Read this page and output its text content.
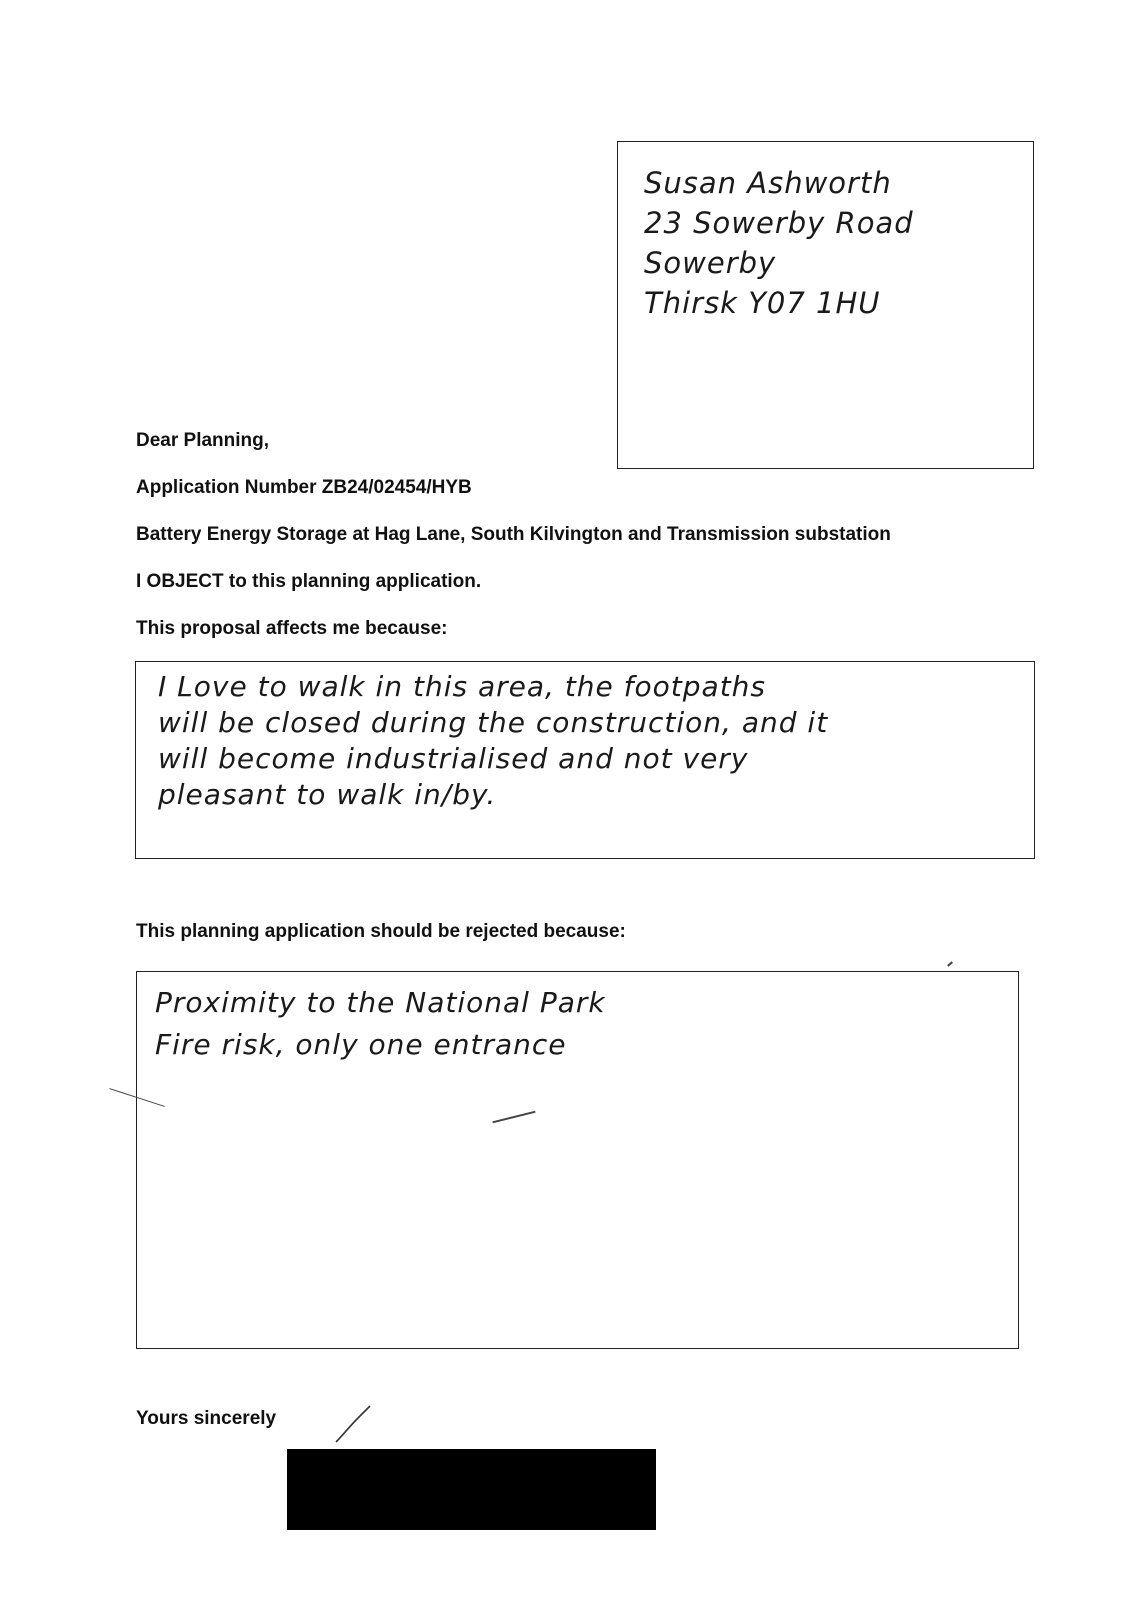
Susan Ashworth
23 Sowerby Road
Sowerby
Thirsk Y07 1HU
Dear Planning,
Application Number ZB24/02454/HYB
Battery Energy Storage at Hag Lane, South Kilvington and Transmission substation
I OBJECT to this planning application.
This proposal affects me because:
I Love to walk in this area, the footpaths
will be closed during the construction, and it
will become industrialised and not very
pleasant to walk in/by.
This planning application should be rejected because:
Proximity to the National Park
Fire risk, only one entrance
Yours sincerely
